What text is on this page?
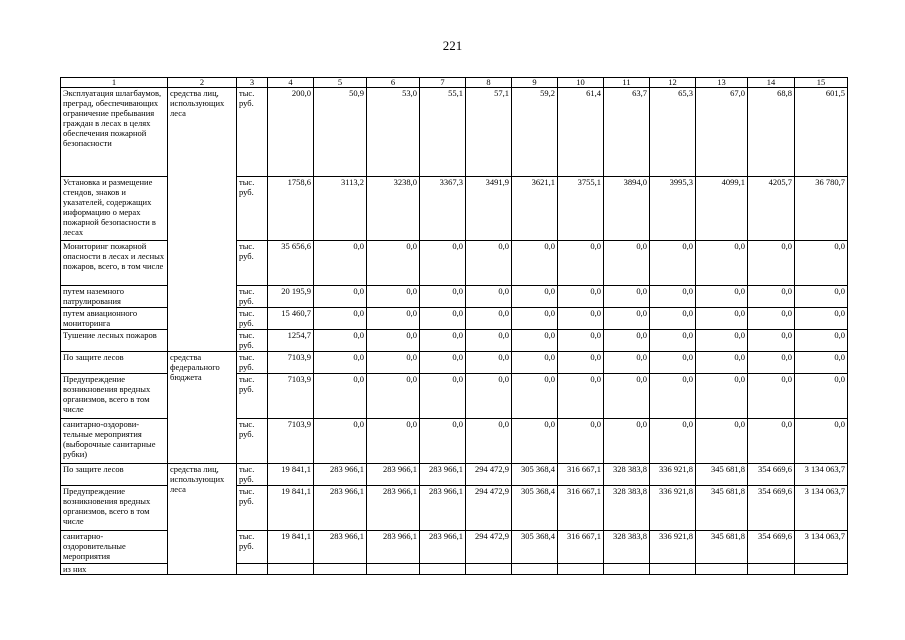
221
1	2	3	4	5	6	7	8	9	10	11	12	13	14	15
Эксплуатация шлагбаумов, преград, обеспечивающих ограничение пребывания граждан в лесах в целях обеспечения пожарной безопасности	средства лиц, использующих леса	тыс. руб.	200,0	50,9	53,0	55,1	57,1	59,2	61,4	63,7	65,3	67,0	68,8	601,5
Установка и размещение стендов, знаков и указателей, содержащих информацию о мерах пожарной безопасности в лесах		тыс. руб.	1758,6	3113,2	3238,0	3367,3	3491,9	3621,1	3755,1	3894,0	3995,3	4099,1	4205,7	36 780,7
Мониторинг пожарной опасности в лесах и лесных пожаров, всего, в том числе		тыс. руб.	35 656,6	0,0	0,0	0,0	0,0	0,0	0,0	0,0	0,0	0,0	0,0	0,0
путем наземного патрулирования		тыс. руб.	20 195,9	0,0	0,0	0,0	0,0	0,0	0,0	0,0	0,0	0,0	0,0	0,0
путем авиационного мониторинга		тыс. руб.	15 460,7	0,0	0,0	0,0	0,0	0,0	0,0	0,0	0,0	0,0	0,0	0,0
Тушение лесных пожаров		тыс. руб.	1254,7	0,0	0,0	0,0	0,0	0,0	0,0	0,0	0,0	0,0	0,0	0,0
По защите лесов	средства федерального бюджета	тыс. руб.	7103,9	0,0	0,0	0,0	0,0	0,0	0,0	0,0	0,0	0,0	0,0	0,0
Предупреждение возникновения вредных организмов, всего в том числе		тыс. руб.	7103,9	0,0	0,0	0,0	0,0	0,0	0,0	0,0	0,0	0,0	0,0	0,0
санитарно-оздорови-тельные мероприятия (выборочные санитарные рубки)		тыс. руб.	7103,9	0,0	0,0	0,0	0,0	0,0	0,0	0,0	0,0	0,0	0,0	0,0
По защите лесов	средства лиц, использующих леса	тыс. руб.	19 841,1	283 966,1	283 966,1	283 966,1	294 472,9	305 368,4	316 667,1	328 383,8	336 921,8	345 681,8	354 669,6	3 134 063,7
Предупреждение возникновения вредных организмов, всего в том числе		тыс. руб.	19 841,1	283 966,1	283 966,1	283 966,1	294 472,9	305 368,4	316 667,1	328 383,8	336 921,8	345 681,8	354 669,6	3 134 063,7
санитарно-оздоровительные мероприятия		тыс. руб.	19 841,1	283 966,1	283 966,1	283 966,1	294 472,9	305 368,4	316 667,1	328 383,8	336 921,8	345 681,8	354 669,6	3 134 063,7
из них														
